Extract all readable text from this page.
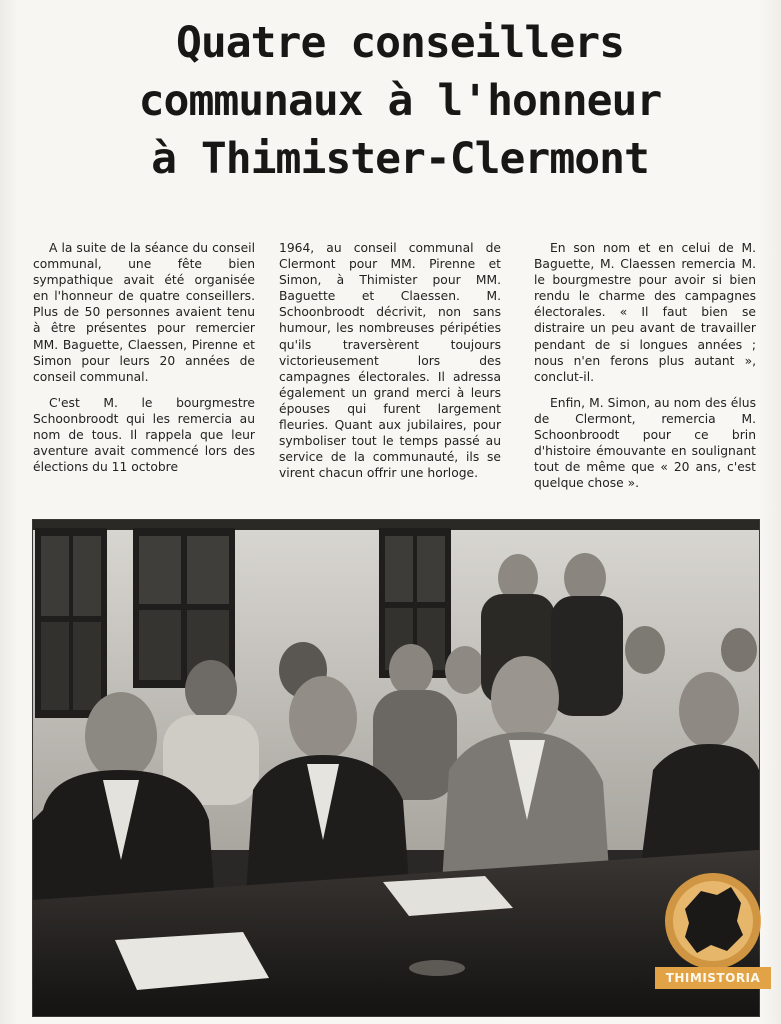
Quatre conseillers
communaux à l'honneur
à Thimister-Clermont

A la suite de la séance du conseil communal, une fête bien sympathique avait été organisée en l'honneur de quatre conseillers. Plus de 50 personnes avaient tenu à être présentes pour remercier MM. Baguette, Claessen, Pirenne et Simon pour leurs 20 années de conseil communal.

C'est M. le bourgmestre Schoonbroodt qui les remercia au nom de tous. Il rappela que leur aventure avait commencé lors des élections du 11 octobre

1964, au conseil communal de Clermont pour MM. Pirenne et Simon, à Thimister pour MM. Baguette et Claessen. M. Schoonbroodt décrivit, non sans humour, les nombreuses péripéties qu'ils traversèrent toujours victorieusement lors des campagnes électorales. Il adressa également un grand merci à leurs épouses qui furent largement fleuries. Quant aux jubilaires, pour symboliser tout le temps passé au service de la communauté, ils se virent chacun offrir une horloge.

En son nom et en celui de M. Baguette, M. Claessen remercia M. le bourgmestre pour avoir si bien rendu le charme des campagnes électorales. « Il faut bien se distraire un peu avant de travailler pendant de si longues années ; nous n'en ferons plus autant », conclut-il.

Enfin, M. Simon, au nom des élus de Clermont, remercia M. Schoonbroodt pour ce brin d'histoire émouvante en soulignant tout de même que « 20 ans, c'est quelque chose ».

THIMISTORIA
